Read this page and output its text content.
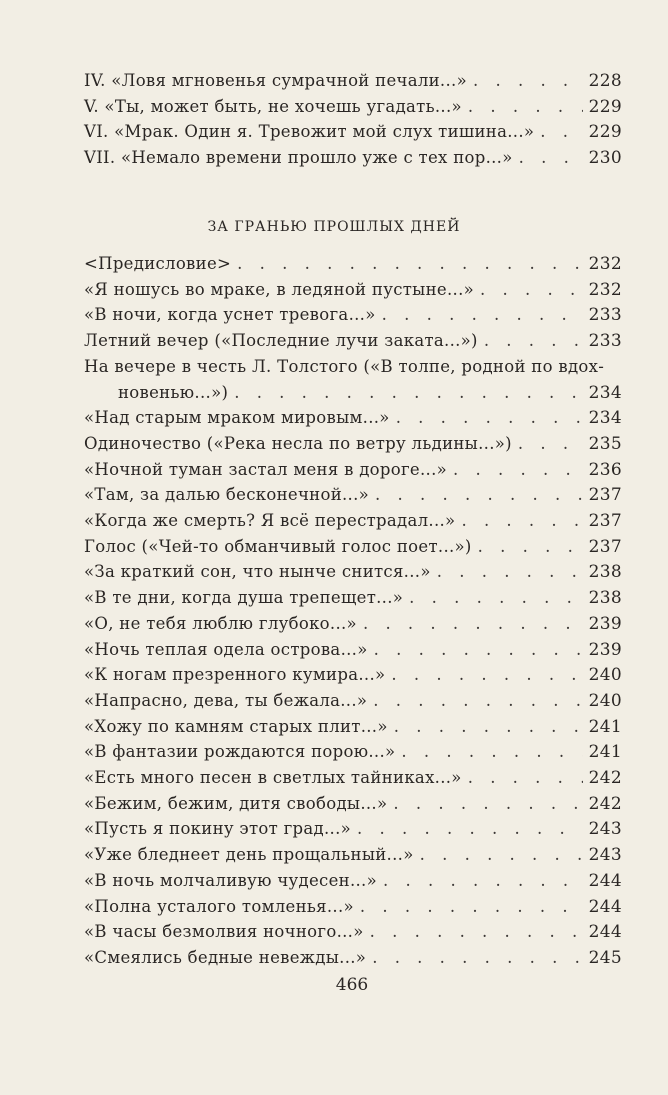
ЗА ГРАНЬЮ ПРОШЛЫХ ДНЕЙ
466
IV. «Ловя мгновенья сумрачной печали...» . . .	228
V. «Ты, может быть, не хочешь угадать...» . . .	229
VI. «Мрак. Один я. Тревожит мой слух тишина...» . . .	229
VII. «Немало времени прошло уже с тех пор...» . . .	230
<Предисловие> . . .	232
«Я ношусь во мраке, в ледяной пустыне...» . . .	232
«В ночи, когда уснет тревога...» . . .	233
Летний вечер («Последние лучи заката...») . . .	233
На вечере в честь Л. Толстого («В толпе, родной по вдох-
новенью...») . . .	234
«Над старым мраком мировым...» . . .	234
Одиночество («Река несла по ветру льдины...») . . .	235
«Ночной туман застал меня в дороге...» . . .	236
«Там, за далью бесконечной...» . . .	237
«Когда же смерть? Я всё перестрадал...» . . .	237
Голос («Чей-то обманчивый голос поет...») . . .	237
«За краткий сон, что нынче снится...» . . .	238
«В те дни, когда душа трепещет...» . . .	238
«О, не тебя люблю глубоко...» . . .	239
«Ночь теплая одела острова...» . . .	239
«К ногам презренного кумира...» . . .	240
«Напрасно, дева, ты бежала...» . . .	240
«Хожу по камням старых плит...» . . .	241
«В фантазии рождаются порою...» . . .	241
«Есть много песен в светлых тайниках...» . . .	242
«Бежим, бежим, дитя свободы...» . . .	242
«Пусть я покину этот град...» . . .	243
«Уже бледнеет день прощальный...» . . .	243
«В ночь молчаливую чудесен...» . . .	244
«Полна усталого томленья...» . . .	244
«В часы безмолвия ночного...» . . .	244
«Смеялись бедные невежды...» . . .	245
